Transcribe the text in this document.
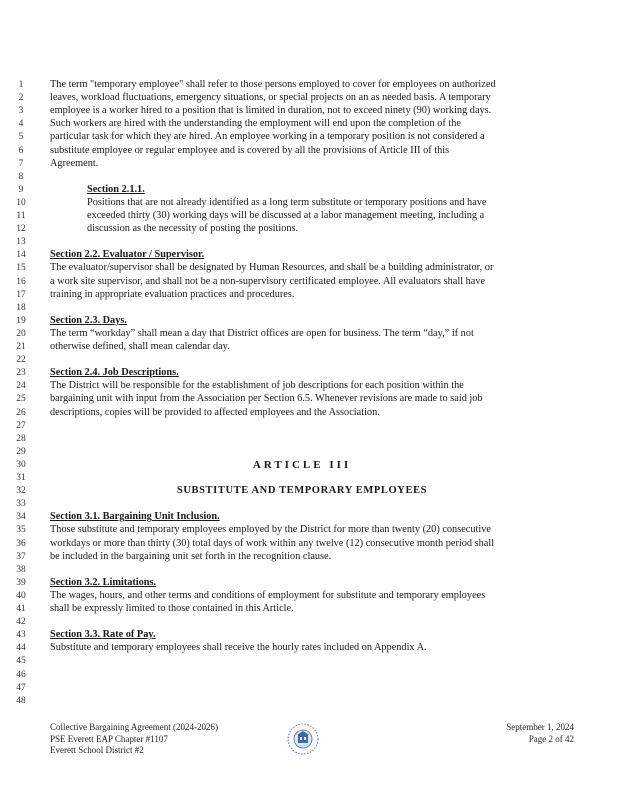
1	The term "temporary employee" shall refer to those persons employed to cover for employees on authorized
2	leaves, workload fluctuations, emergency situations, or special projects on an as needed basis. A temporary
3	employee is a worker hired to a position that is limited in duration, not to exceed ninety (90) working days.
4	Such workers are hired with the understanding the employment will end upon the completion of the
5	particular task for which they are hired. An employee working in a temporary position is not considered a
6	substitute employee or regular employee and is covered by all the provisions of Article III of this
7	Agreement.
8
9	Section 2.1.1.
10	Positions that are not already identified as a long term substitute or temporary positions and have
11	exceeded thirty (30) working days will be discussed at a labor management meeting, including a
12	discussion as the necessity of posting the positions.
13
14	Section 2.2. Evaluator / Supervisor.
15	The evaluator/supervisor shall be designated by Human Resources, and shall be a building administrator, or
16	a work site supervisor, and shall not be a non-supervisory certificated employee. All evaluators shall have
17	training in appropriate evaluation practices and procedures.
18
19	Section 2.3. Days.
20	The term “workday” shall mean a day that District offices are open for business. The term “day,” if not
21	otherwise defined, shall mean calendar day.
22
23	Section 2.4. Job Descriptions.
24	The District will be responsible for the establishment of job descriptions for each position within the
25	bargaining unit with input from the Association per Section 6.5. Whenever revisions are made to said job
26	descriptions, copies will be provided to affected employees and the Association.
27
28
29
30	ARTICLE III
31
32	SUBSTITUTE AND TEMPORARY EMPLOYEES
33
34	Section 3.1. Bargaining Unit Inclusion.
35	Those substitute and temporary employees employed by the District for more than twenty (20) consecutive
36	workdays or more than thirty (30) total days of work within any twelve (12) consecutive month period shall
37	be included in the bargaining unit set forth in the recognition clause.
38
39	Section 3.2. Limitations.
40	The wages, hours, and other terms and conditions of employment for substitute and temporary employees
41	shall be expressly limited to those contained in this Article.
42
43	Section 3.3. Rate of Pay.
44	Substitute and temporary employees shall receive the hourly rates included on Appendix A.
45
46
47
48
Collective Bargaining Agreement (2024-2026)
PSE Everett EAP Chapter #1107
Everett School District #2
September 1, 2024
Page 2 of 42
